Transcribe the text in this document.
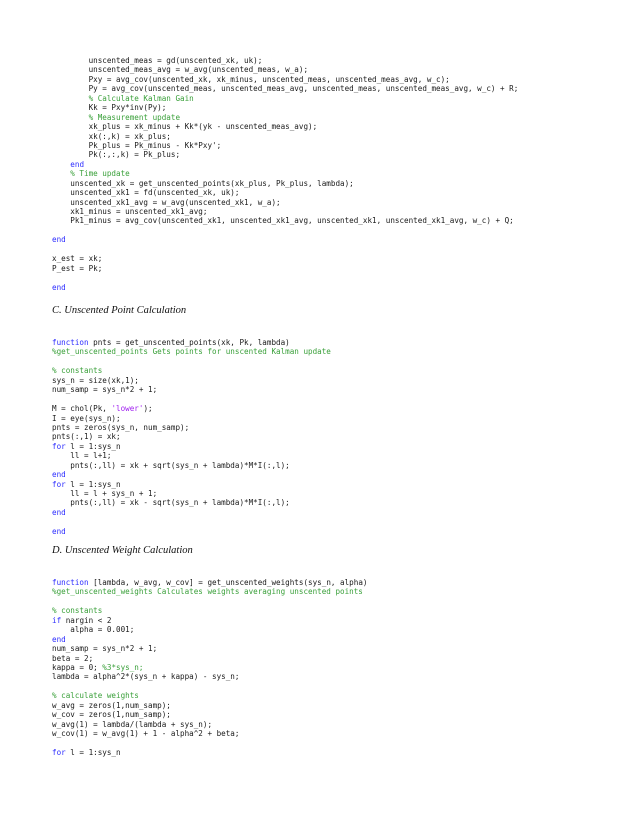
unscented_meas = gd(unscented_xk, uk);
unscented_meas_avg = w_avg(unscented_meas, w_a);
Pxy = avg_cov(unscented_xk, xk_minus, unscented_meas, unscented_meas_avg, w_c);
Py = avg_cov(unscented_meas, unscented_meas_avg, unscented_meas, unscented_meas_avg, w_c) + R;
% Calculate Kalman Gain
Kk = Pxy*inv(Py);
% Measurement update
xk_plus = xk_minus + Kk*(yk - unscented_meas_avg);
xk(:,k) = xk_plus;
Pk_plus = Pk_minus - Kk*Pxy';
Pk(:,:,k) = Pk_plus;
end
% Time update
unscented_xk = get_unscented_points(xk_plus, Pk_plus, lambda);
unscented_xk1 = fd(unscented_xk, uk);
unscented_xk1_avg = w_avg(unscented_xk1, w_a);
xk1_minus = unscented_xk1_avg;
Pk1_minus = avg_cov(unscented_xk1, unscented_xk1_avg, unscented_xk1, unscented_xk1_avg, w_c) + Q;
end
x_est = xk;
P_est = Pk;
end
C. Unscented Point Calculation
function pnts = get_unscented_points(xk, Pk, lambda)
%get_unscented_points Gets points for unscented Kalman update
% constants
sys_n = size(xk,1);
num_samp = sys_n*2 + 1;
M = chol(Pk, 'lower');
I = eye(sys_n);
pnts = zeros(sys_n, num_samp);
pnts(:,1) = xk;
for l = 1:sys_n
ll = l+1;
pnts(:,ll) = xk + sqrt(sys_n + lambda)*M*I(:,l);
end
for l = 1:sys_n
ll = l + sys_n + 1;
pnts(:,ll) = xk - sqrt(sys_n + lambda)*M*I(:,l);
end
end
D. Unscented Weight Calculation
function [lambda, w_avg, w_cov] = get_unscented_weights(sys_n, alpha)
%get_unscented_weights Calculates weights averaging unscented points
% constants
if nargin < 2
alpha = 0.001;
end
num_samp = sys_n*2 + 1;
beta = 2;
kappa = 0; %3*sys_n;
lambda = alpha^2*(sys_n + kappa) - sys_n;
% calculate weights
w_avg = zeros(1,num_samp);
w_cov = zeros(1,num_samp);
w_avg(1) = lambda/(lambda + sys_n);
w_cov(1) = w_avg(1) + 1 - alpha^2 + beta;
for l = 1:sys_n
